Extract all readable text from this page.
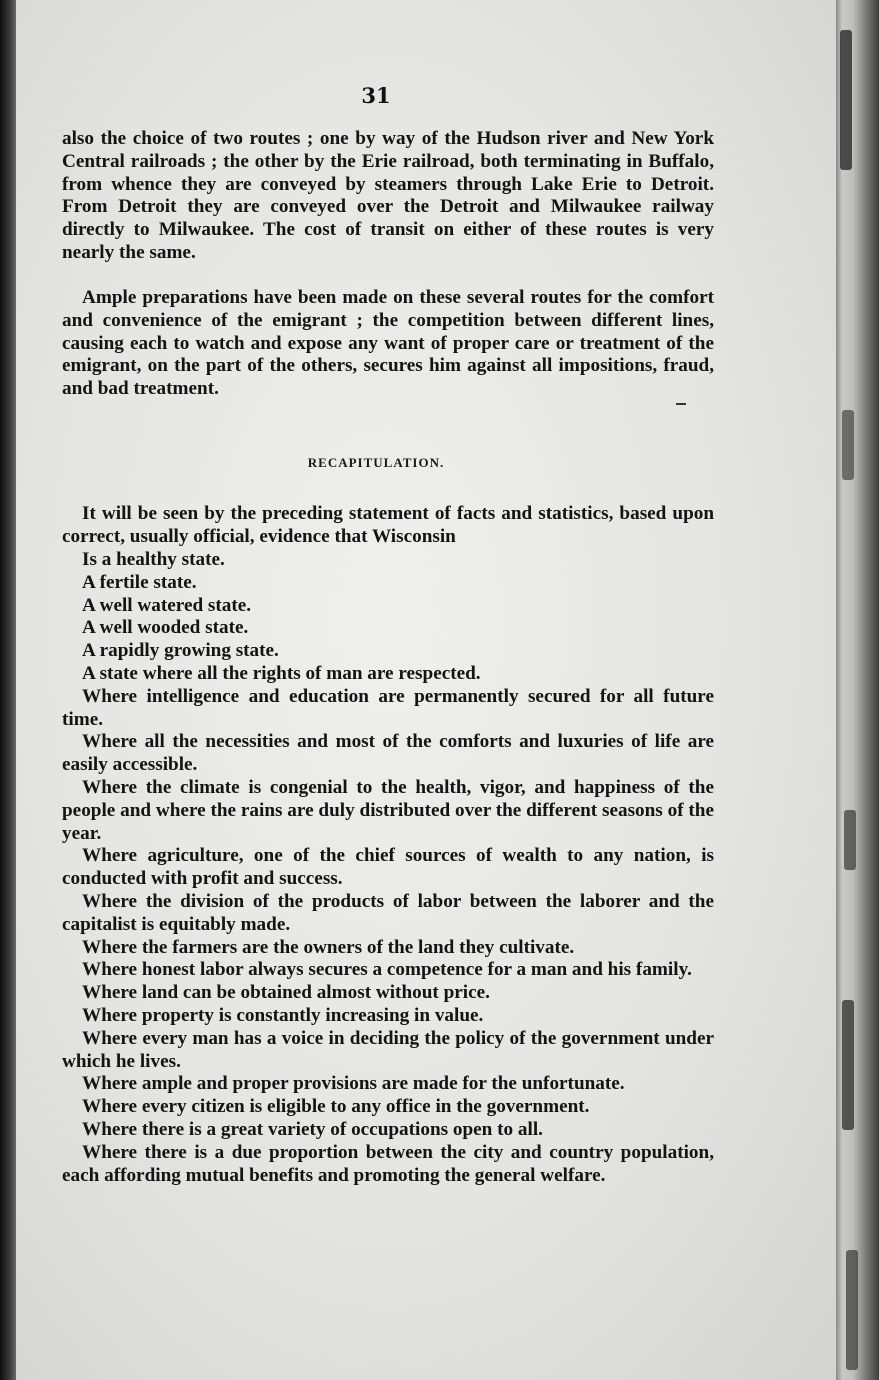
31

also the choice of two routes ; one by way of the Hudson river and New York Central railroads ; the other by the Erie railroad, both terminating in Buffalo, from whence they are conveyed by steamers through Lake Erie to Detroit. From Detroit they are conveyed over the Detroit and Milwaukee railway directly to Milwaukee. The cost of transit on either of these routes is very nearly the same.

Ample preparations have been made on these several routes for the comfort and convenience of the emigrant ; the competition between different lines, causing each to watch and expose any want of proper care or treatment of the emigrant, on the part of the others, secures him against all impositions, fraud, and bad treatment.

RECAPITULATION.

It will be seen by the preceding statement of facts and statistics, based upon correct, usually official, evidence that Wisconsin

Is a healthy state.
A fertile state.
A well watered state.
A well wooded state.
A rapidly growing state.
A state where all the rights of man are respected.
Where intelligence and education are permanently secured for all future time.
Where all the necessities and most of the comforts and luxuries of life are easily accessible.
Where the climate is congenial to the health, vigor, and happiness of the people and where the rains are duly distributed over the different seasons of the year.
Where agriculture, one of the chief sources of wealth to any nation, is conducted with profit and success.
Where the division of the products of labor between the laborer and the capitalist is equitably made.
Where the farmers are the owners of the land they cultivate.
Where honest labor always secures a competence for a man and his family.
Where land can be obtained almost without price.
Where property is constantly increasing in value.
Where every man has a voice in deciding the policy of the government under which he lives.
Where ample and proper provisions are made for the unfortunate.
Where every citizen is eligible to any office in the government.
Where there is a great variety of occupations open to all.
Where there is a due proportion between the city and country population, each affording mutual benefits and promoting the general welfare.
